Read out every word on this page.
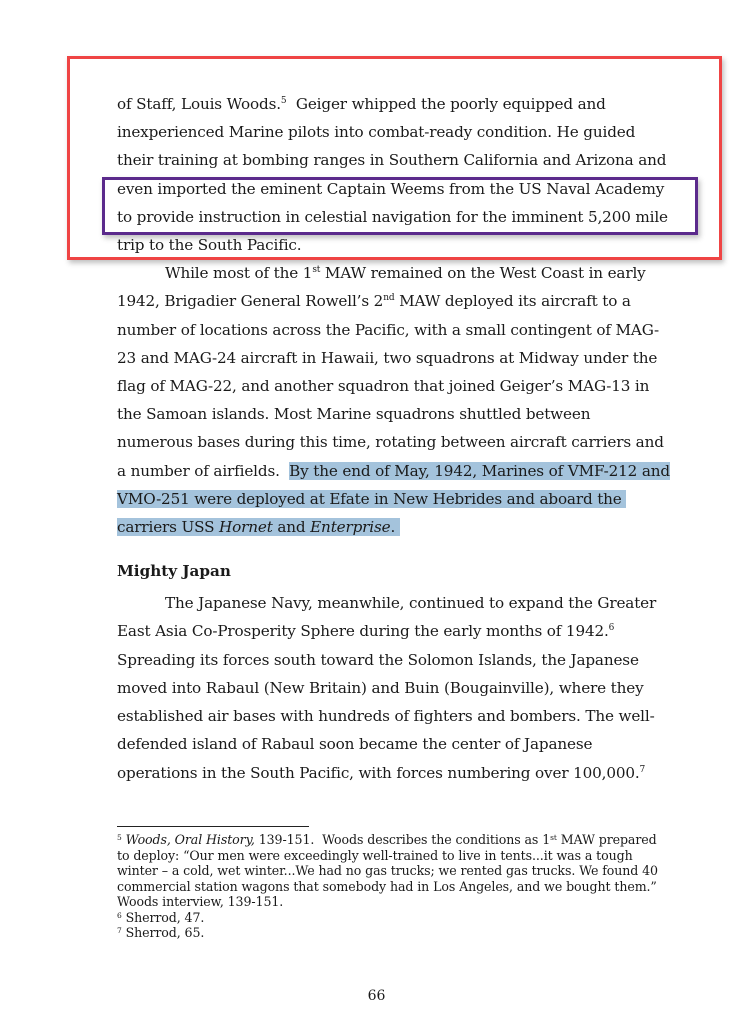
of Staff, Louis Woods.$^5$  Geiger whipped the poorly equipped and
inexperienced Marine pilots into combat-ready condition. He guided
their training at bombing ranges in Southern California and Arizona and
even imported the eminent Captain Weems from the US Naval Academy
to provide instruction in celestial navigation for the imminent 5,200 mile
trip to the South Pacific.
While most of the 1st MAW remained on the West Coast in early
1942, Brigadier General Rowell’s 2nd MAW deployed its aircraft to a
number of locations across the Pacific, with a small contingent of MAG-
23 and MAG-24 aircraft in Hawaii, two squadrons at Midway under the
flag of MAG-22, and another squadron that joined Geiger’s MAG-13 in
the Samoan islands. Most Marine squadrons shuttled between
numerous bases during this time, rotating between aircraft carriers and
a number of airfields.  By the end of May, 1942, Marines of VMF-212 and
VMO-251 were deployed at Efate in New Hebrides and aboard the
carriers USS Hornet and Enterprise.
Mighty Japan
The Japanese Navy, meanwhile, continued to expand the Greater
East Asia Co-Prosperity Sphere during the early months of 1942.$^6$
Spreading its forces south toward the Solomon Islands, the Japanese
moved into Rabaul (New Britain) and Buin (Bougainville), where they
established air bases with hundreds of fighters and bombers. The well-
defended island of Rabaul soon became the center of Japanese
operations in the South Pacific, with forces numbering over 100,000.$^7$
$^5$ Woods, Oral History, 139-151.  Woods describes the conditions as 1st MAW prepared
to deploy: “Our men were exceedingly well-trained to live in tents...it was a tough
winter – a cold, wet winter...We had no gas trucks; we rented gas trucks. We found 40
commercial station wagons that somebody had in Los Angeles, and we bought them.”
Woods interview, 139-151.
$^6$ Sherrod, 47.
$^7$ Sherrod, 65.
66
